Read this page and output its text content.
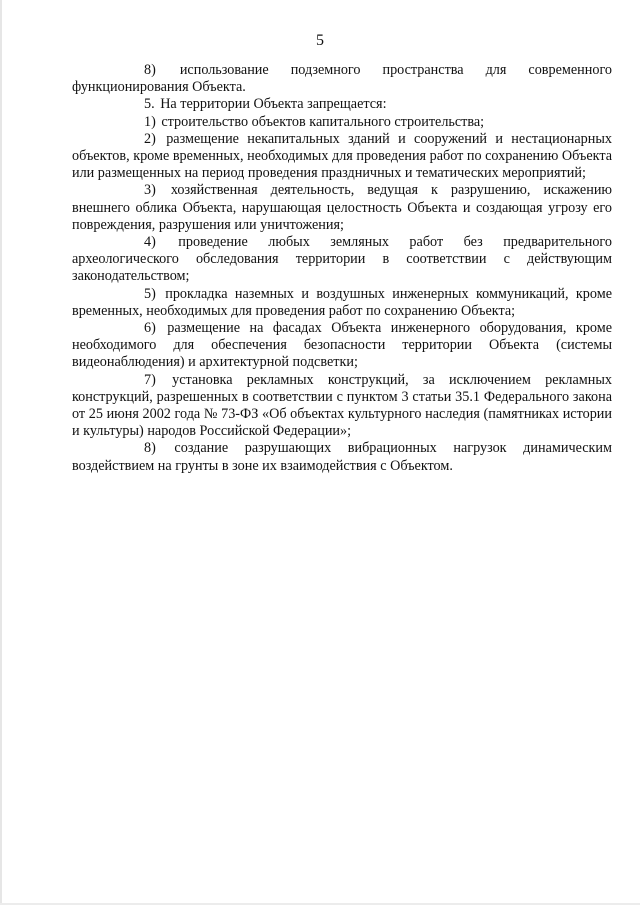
5

8) использование подземного пространства для современного функционирования Объекта.

5. На территории Объекта запрещается:

1) строительство объектов капитального строительства;

2) размещение некапитальных зданий и сооружений и нестационарных объектов, кроме временных, необходимых для проведения работ по сохранению Объекта или размещенных на период проведения праздничных и тематических мероприятий;

3) хозяйственная деятельность, ведущая к разрушению, искажению внешнего облика Объекта, нарушающая целостность Объекта и создающая угрозу его повреждения, разрушения или уничтожения;

4) проведение любых земляных работ без предварительного археологического обследования территории в соответствии с действующим законодательством;

5) прокладка наземных и воздушных инженерных коммуникаций, кроме временных, необходимых для проведения работ по сохранению Объекта;

6) размещение на фасадах Объекта инженерного оборудования, кроме необходимого для обеспечения безопасности территории Объекта (системы видеонаблюдения) и архитектурной подсветки;

7) установка рекламных конструкций, за исключением рекламных конструкций, разрешенных в соответствии с пунктом 3 статьи 35.1 Федерального закона от 25 июня 2002 года № 73-ФЗ «Об объектах культурного наследия (памятниках истории и культуры) народов Российской Федерации»;

8) создание разрушающих вибрационных нагрузок динамическим воздействием на грунты в зоне их взаимодействия с Объектом.
